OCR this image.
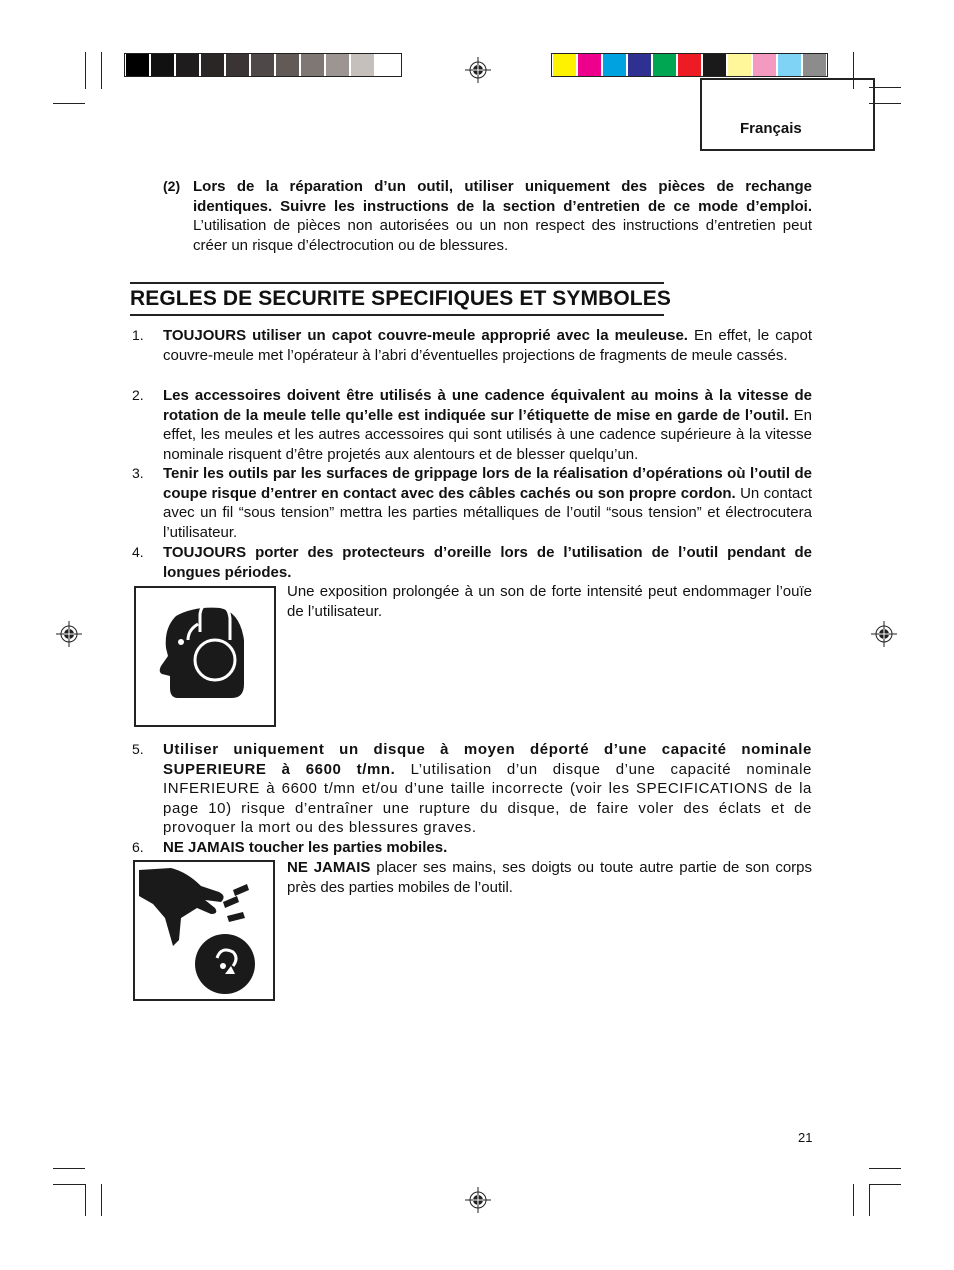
Français
(2) Lors de la réparation d’un outil, utiliser uniquement des pièces de rechange identiques. Suivre les instructions de la section d’entretien de ce mode d’emploi. L’utilisation de pièces non autorisées ou un non respect des instructions d’entretien peut créer un risque d’électrocution ou de blessures.
REGLES DE SECURITE SPECIFIQUES ET SYMBOLES
1. TOUJOURS utiliser un capot couvre-meule approprié avec la meuleuse. En effet, le capot couvre-meule met l’opérateur à l’abri d’éventuelles projections de fragments de meule cassés.
2. Les accessoires doivent être utilisés à une cadence équivalent au moins à la vitesse de rotation de la meule telle qu’elle est indiquée sur l’étiquette de mise en garde de l’outil. En effet, les meules et les autres accessoires qui sont utilisés à une cadence supérieure à la vitesse nominale risquent d’être projetés aux alentours et de blesser quelqu’un.
3. Tenir les outils par les surfaces de grippage lors de la réalisation d’opérations où l’outil de coupe risque d’entrer en contact avec des câbles cachés ou son propre cordon. Un contact avec un fil “sous tension” mettra les parties métalliques de l’outil “sous tension” et électrocutera l’utilisateur.
4. TOUJOURS porter des protecteurs d’oreille lors de l’utilisation de l’outil pendant de longues périodes.
Une exposition prolongée à un son de forte intensité peut endommager l’ouïe de l’utilisateur.
5. Utiliser uniquement un disque à moyen déporté d’une capacité nominale SUPERIEURE à 6600 t/mn. L’utilisation d’un disque d’une capacité nominale INFERIEURE à 6600 t/mn et/ou d’une taille incorrecte (voir les SPECIFICATIONS de la page 10) risque d’entraîner une rupture du disque, de faire voler des éclats et de provoquer la mort ou des blessures graves.
6. NE JAMAIS toucher les parties mobiles.
NE JAMAIS placer ses mains, ses doigts ou toute autre partie de son corps près des parties mobiles de l’outil.
21
